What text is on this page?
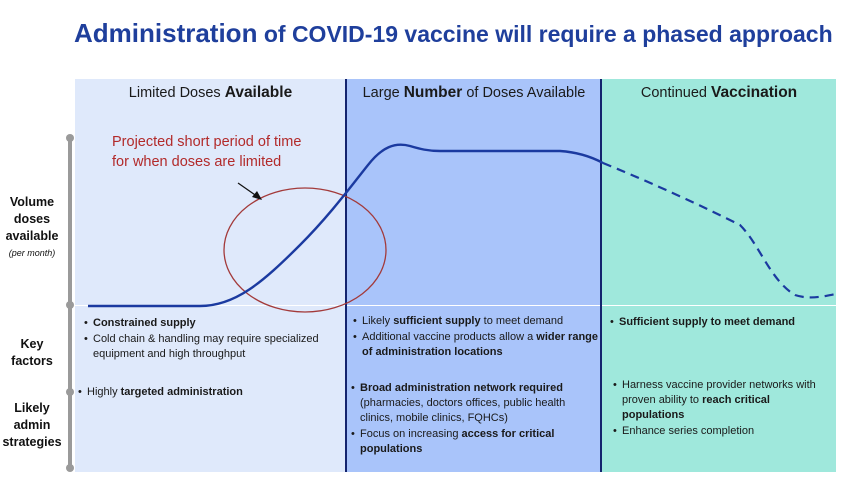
Administration of COVID-19 vaccine will require a phased approach
Limited Doses Available	Large Number of Doses Available	Continued Vaccination
Volume
doses
available
(per month)
Key
factors
Likely
admin
strategies
Projected short period of time
for when doses are limited
• Constrained supply
• Cold chain & handling may require specialized equipment and high throughput
• Likely sufficient supply to meet demand
• Additional vaccine products allow a wider range of administration locations
• Sufficient supply to meet demand
• Highly targeted administration
•	Broad administration network required (pharmacies, doctors offices, public health clinics, mobile clinics, FQHCs)
• Focus on increasing access for critical populations
• Harness vaccine provider networks with proven ability to reach critical populations
• Enhance series completion
